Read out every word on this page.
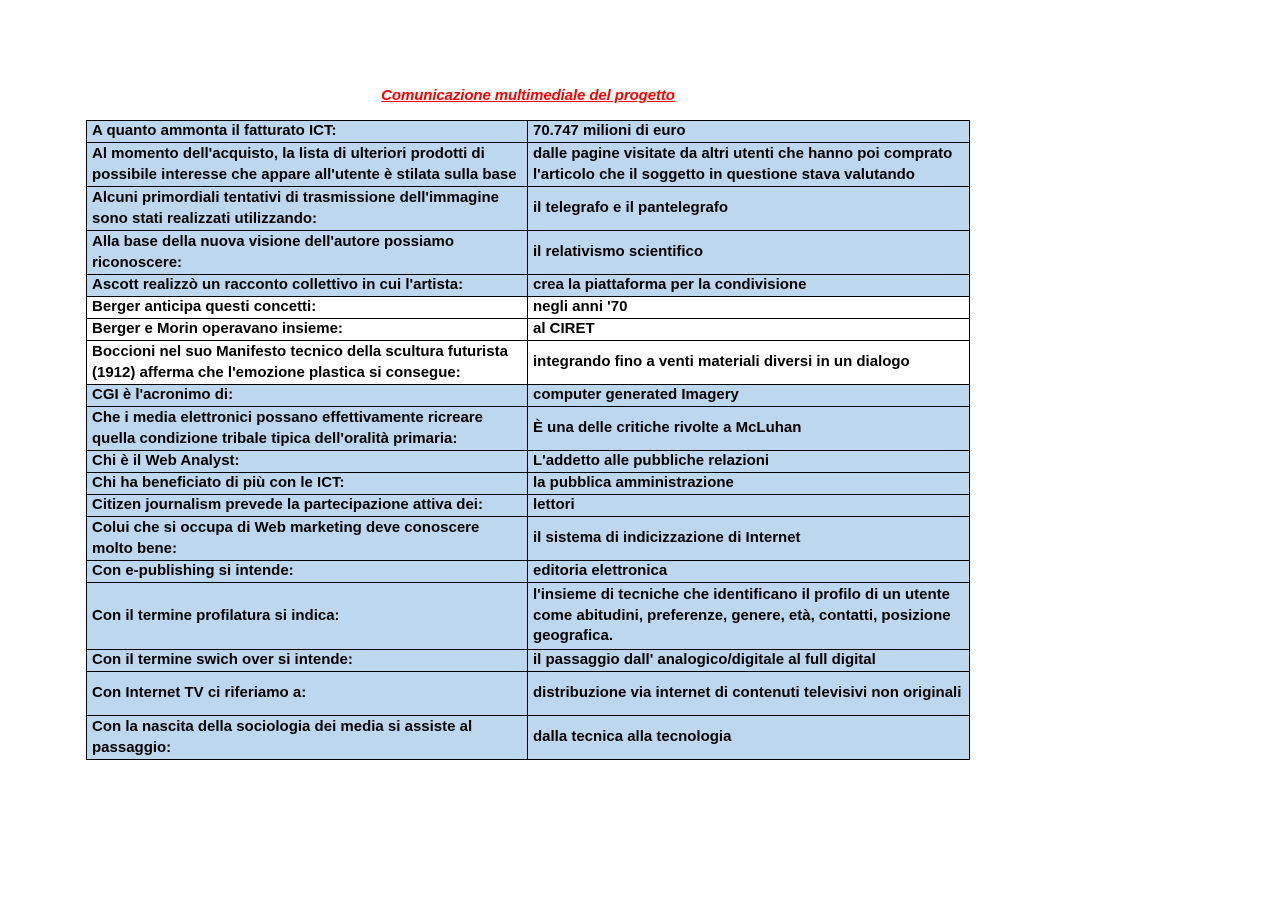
Comunicazione multimediale del progetto
A quanto ammonta il fatturato ICT:	70.747 milioni di euro
Al momento dell'acquisto, la lista di ulteriori prodotti di possibile interesse che appare all'utente è stilata sulla base	dalle pagine visitate da altri utenti che hanno poi comprato l'articolo che il soggetto in questione stava valutando
Alcuni primordiali tentativi di trasmissione dell'immagine sono stati realizzati utilizzando:	il telegrafo e il pantelegrafo
Alla base della nuova visione dell'autore possiamo riconoscere:	il relativismo scientifico
Ascott realizzò un racconto collettivo in cui l'artista:	crea la piattaforma per la condivisione
Berger anticipa questi concetti:	negli anni '70
Berger e Morin operavano insieme:	al CIRET
Boccioni nel suo Manifesto tecnico della scultura futurista (1912) afferma che l'emozione plastica si consegue:	integrando fino a venti materiali diversi in un dialogo
CGI è l'acronimo di:	computer generated Imagery
Che i media elettronici possano effettivamente ricreare quella condizione tribale tipica dell'oralità primaria:	È una delle critiche rivolte a McLuhan
Chi è il Web Analyst:	L'addetto alle pubbliche relazioni
Chi ha beneficiato di più con le ICT:	la pubblica amministrazione
Citizen journalism prevede la partecipazione attiva dei:	lettori
Colui che si occupa di Web marketing deve conoscere molto bene:	il sistema di indicizzazione di Internet
Con e-publishing si intende:	editoria elettronica
Con il termine profilatura si indica:	l'insieme di tecniche che identificano il profilo di un utente come abitudini, preferenze, genere, età, contatti, posizione geografica.
Con il termine swich over si intende:	il passaggio dall' analogico/digitale al full digital
Con Internet TV ci riferiamo a:	distribuzione via internet di contenuti televisivi non originali
Con la nascita della sociologia dei media si assiste al passaggio:	dalla tecnica alla tecnologia
